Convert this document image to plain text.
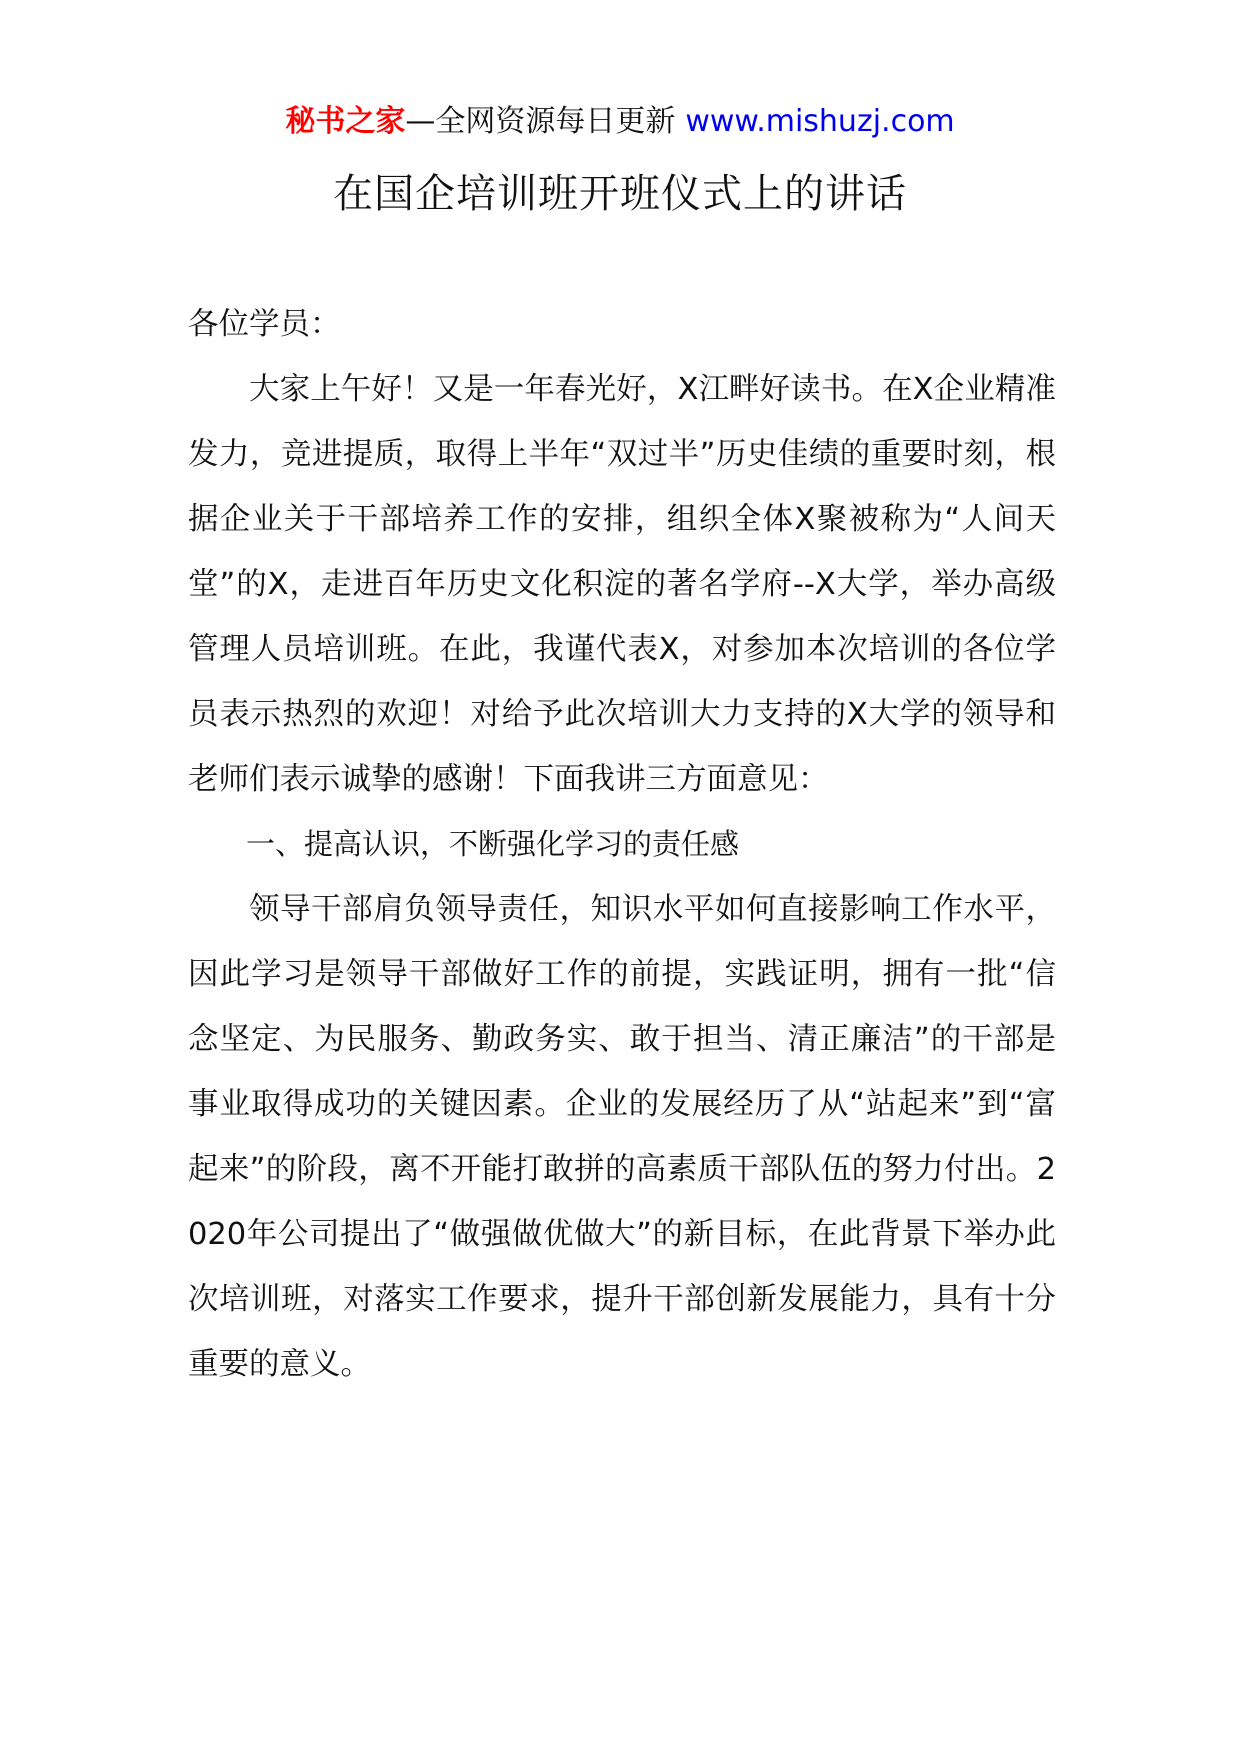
秘书之家—全网资源每日更新 www.mishuzj.com
在国企培训班开班仪式上的讲话

各位学员：

大家上午好！又是一年春光好，X江畔好读书。在X企业精准发力，竞进提质，取得上半年“双过半”历史佳绩的重要时刻，根据企业关于干部培养工作的安排，组织全体X聚被称为“人间天堂”的X，走进百年历史文化积淀的著名学府--X大学，举办高级管理人员培训班。在此，我谨代表X，对参加本次培训的各位学员表示热烈的欢迎！对给予此次培训大力支持的X大学的领导和老师们表示诚挚的感谢！下面我讲三方面意见：

一、提高认识，不断强化学习的责任感

领导干部肩负领导责任，知识水平如何直接影响工作水平，因此学习是领导干部做好工作的前提，实践证明，拥有一批“信念坚定、为民服务、勤政务实、敢于担当、清正廉洁”的干部是事业取得成功的关键因素。企业的发展经历了从“站起来”到“富起来”的阶段，离不开能打敢拼的高素质干部队伍的努力付出。2020年公司提出了“做强做优做大”的新目标，在此背景下举办此次培训班，对落实工作要求，提升干部创新发展能力，具有十分重要的意义。
